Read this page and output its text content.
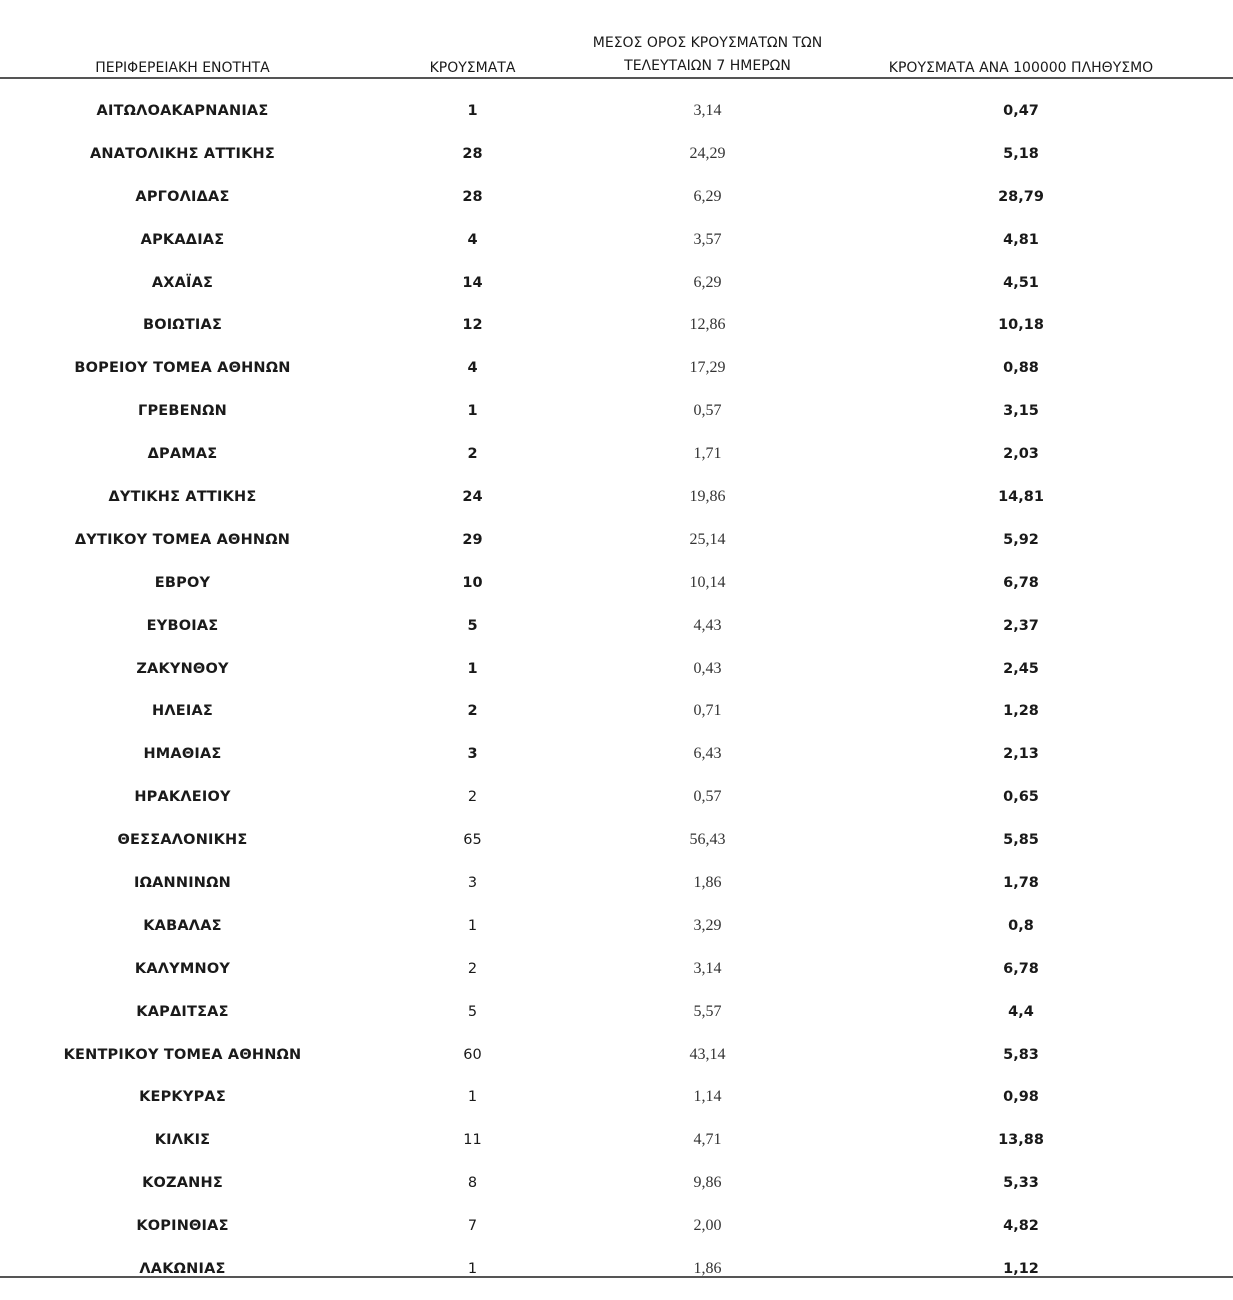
ΠΕΡΙΦΕΡΕΙΑΚΗ ΕΝΟΤΗΤΑ	ΚΡΟΥΣΜΑΤΑ
ΜΕΣΟΣ ΟΡΟΣ ΚΡΟΥΣΜΑΤΩΝ ΤΩΝ
ΤΕΛΕΥΤΑΙΩΝ 7 ΗΜΕΡΩΝ	ΚΡΟΥΣΜΑΤΑ ΑΝΑ 100000 ΠΛΗΘΥΣΜΟ
ΑΙΤΩΛΟΑΚΑΡΝΑΝΙΑΣ	1	3,14	0,47
ΑΝΑΤΟΛΙΚΗΣ ΑΤΤΙΚΗΣ	28	24,29	5,18
ΑΡΓΟΛΙΔΑΣ	28	6,29	28,79
ΑΡΚΑΔΙΑΣ	4	3,57	4,81
ΑΧΑΪΑΣ	14	6,29	4,51
ΒΟΙΩΤΙΑΣ	12	12,86	10,18
ΒΟΡΕΙΟΥ ΤΟΜΕΑ ΑΘΗΝΩΝ	4	17,29	0,88
ΓΡΕΒΕΝΩΝ	1	0,57	3,15
ΔΡΑΜΑΣ	2	1,71	2,03
ΔΥΤΙΚΗΣ ΑΤΤΙΚΗΣ	24	19,86	14,81
ΔΥΤΙΚΟΥ ΤΟΜΕΑ ΑΘΗΝΩΝ	29	25,14	5,92
ΕΒΡΟΥ	10	10,14	6,78
ΕΥΒΟΙΑΣ	5	4,43	2,37
ΖΑΚΥΝΘΟΥ	1	0,43	2,45
ΗΛΕΙΑΣ	2	0,71	1,28
ΗΜΑΘΙΑΣ	3	6,43	2,13
ΗΡΑΚΛΕΙΟΥ	2	0,57	0,65
ΘΕΣΣΑΛΟΝΙΚΗΣ	65	56,43	5,85
ΙΩΑΝΝΙΝΩΝ	3	1,86	1,78
ΚΑΒΑΛΑΣ	1	3,29	0,8
ΚΑΛΥΜΝΟΥ	2	3,14	6,78
ΚΑΡΔΙΤΣΑΣ	5	5,57	4,4
ΚΕΝΤΡΙΚΟΥ ΤΟΜΕΑ ΑΘΗΝΩΝ	60	43,14	5,83
ΚΕΡΚΥΡΑΣ	1	1,14	0,98
ΚΙΛΚΙΣ	11	4,71	13,88
ΚΟΖΑΝΗΣ	8	9,86	5,33
ΚΟΡΙΝΘΙΑΣ	7	2,00	4,82
ΛΑΚΩΝΙΑΣ	1	1,86	1,12
